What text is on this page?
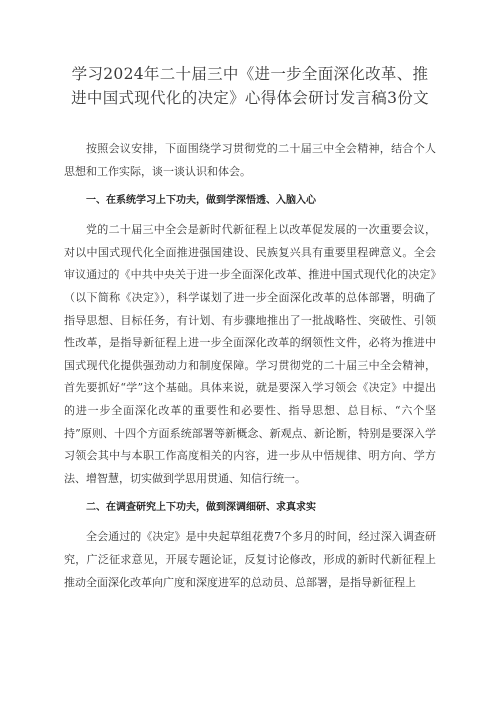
学习2024年二十届三中《进一步全面深化改革、推
进中国式现代化的决定》心得体会研讨发言稿3份文

按照会议安排，下面围绕学习贯彻党的二十届三中全会精神，结合个人思想和工作实际，谈一谈认识和体会。

一、在系统学习上下功夫，做到学深悟透、入脑入心

党的二十届三中全会是新时代新征程上以改革促发展的一次重要会议，对以中国式现代化全面推进强国建设、民族复兴具有重要里程碑意义。全会审议通过的《中共中央关于进一步全面深化改革、推进中国式现代化的决定》（以下简称《决定》），科学谋划了进一步全面深化改革的总体部署，明确了指导思想、目标任务，有计划、有步骤地推出了一批战略性、突破性、引领性改革，是指导新征程上进一步全面深化改革的纲领性文件，必将为推进中国式现代化提供强劲动力和制度保障。学习贯彻党的二十届三中全会精神，首先要抓好“学”这个基础。具体来说，就是要深入学习领会《决定》中提出的进一步全面深化改革的重要性和必要性、指导思想、总目标、“六个坚持”原则、十四个方面系统部署等新概念、新观点、新论断，特别是要深入学习领会其中与本职工作高度相关的内容，进一步从中悟规律、明方向、学方法、增智慧，切实做到学思用贯通、知信行统一。

二、在调查研究上下功夫，做到深调细研、求真求实

全会通过的《决定》是中央起草组花费7个多月的时间，经过深入调查研究，广泛征求意见，开展专题论证，反复讨论修改，形成的新时代新征程上推动全面深化改革向广度和深度进军的总动员、总部署，是指导新征程上
